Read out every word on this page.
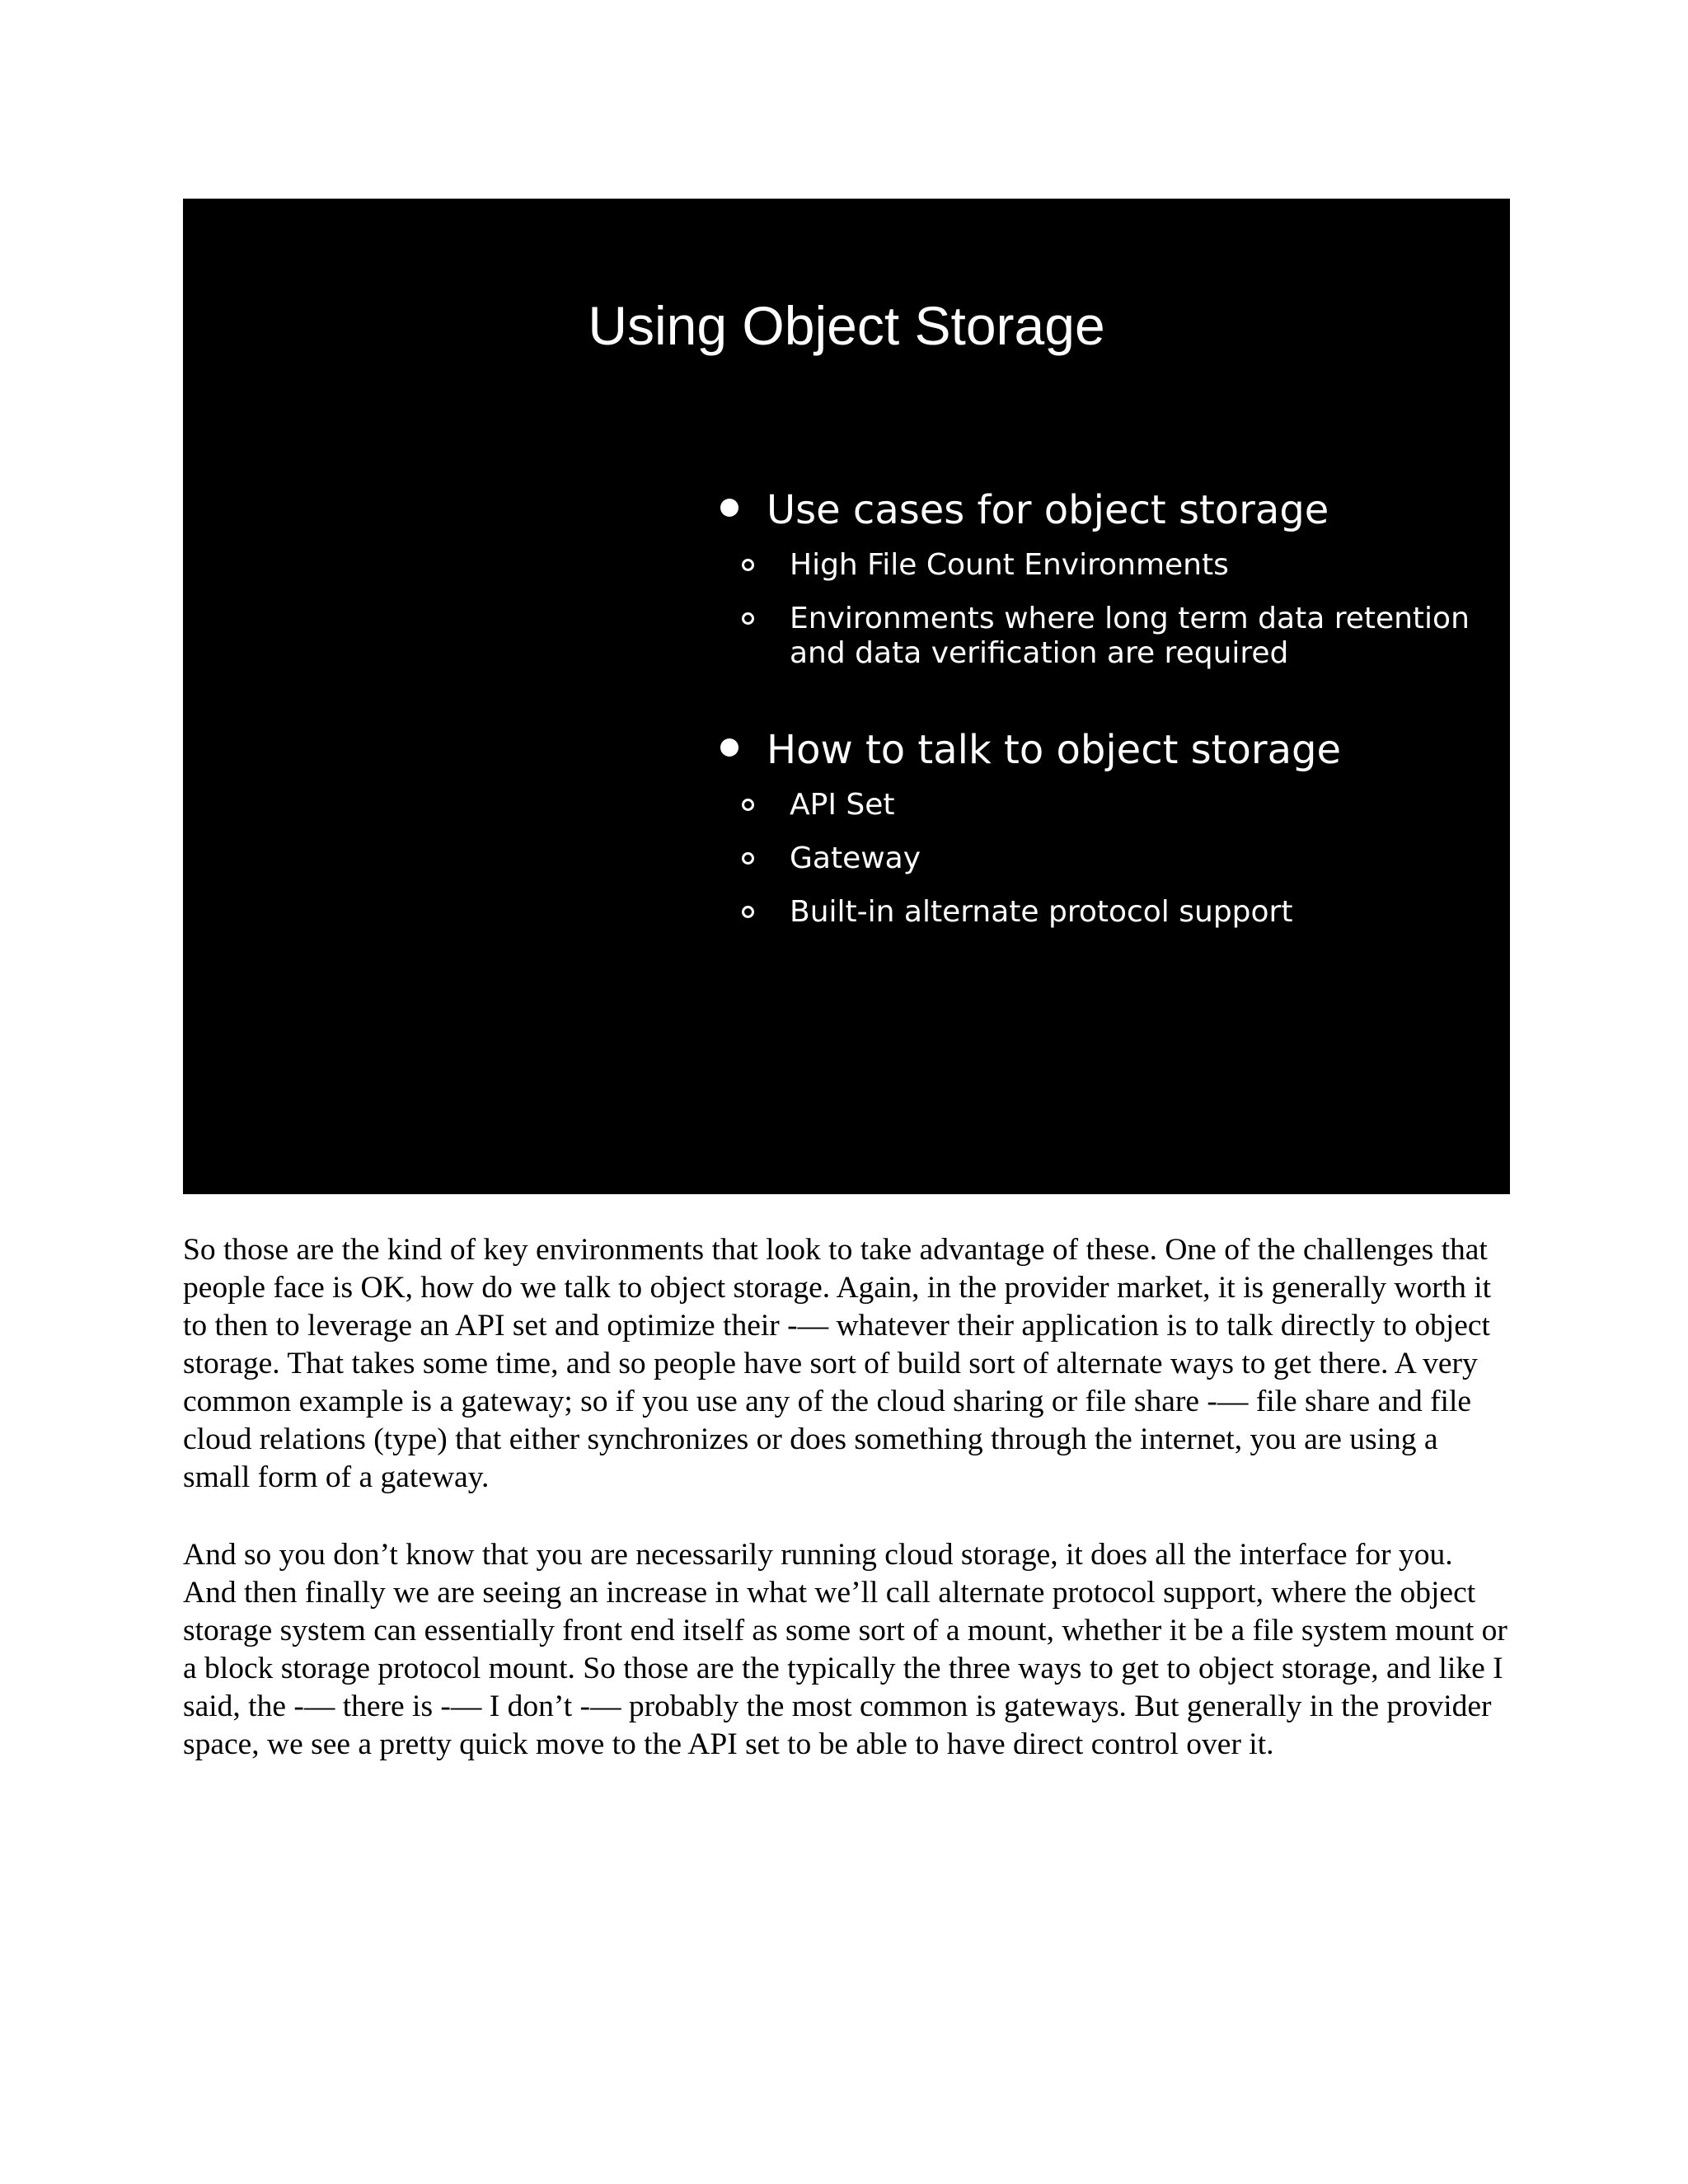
Using Object Storage
Use cases for object storage
High File Count Environments
Environments where long term data retention and data verification are required
How to talk to object storage
API Set
Gateway
Built-in alternate protocol support

So those are the kind of key environments that look to take advantage of these. One of the challenges that people face is OK, how do we talk to object storage. Again, in the provider market, it is generally worth it to then to leverage an API set and optimize their -— whatever their application is to talk directly to object storage. That takes some time, and so people have sort of build sort of alternate ways to get there. A very common example is a gateway; so if you use any of the cloud sharing or file share -— file share and file cloud relations (type) that either synchronizes or does something through the internet, you are using a small form of a gateway.

And so you don’t know that you are necessarily running cloud storage, it does all the interface for you. And then finally we are seeing an increase in what we’ll call alternate protocol support, where the object storage system can essentially front end itself as some sort of a mount, whether it be a file system mount or a block storage protocol mount. So those are the typically the three ways to get to object storage, and like I said, the -— there is -— I don’t -— probably the most common is gateways. But generally in the provider space, we see a pretty quick move to the API set to be able to have direct control over it.
